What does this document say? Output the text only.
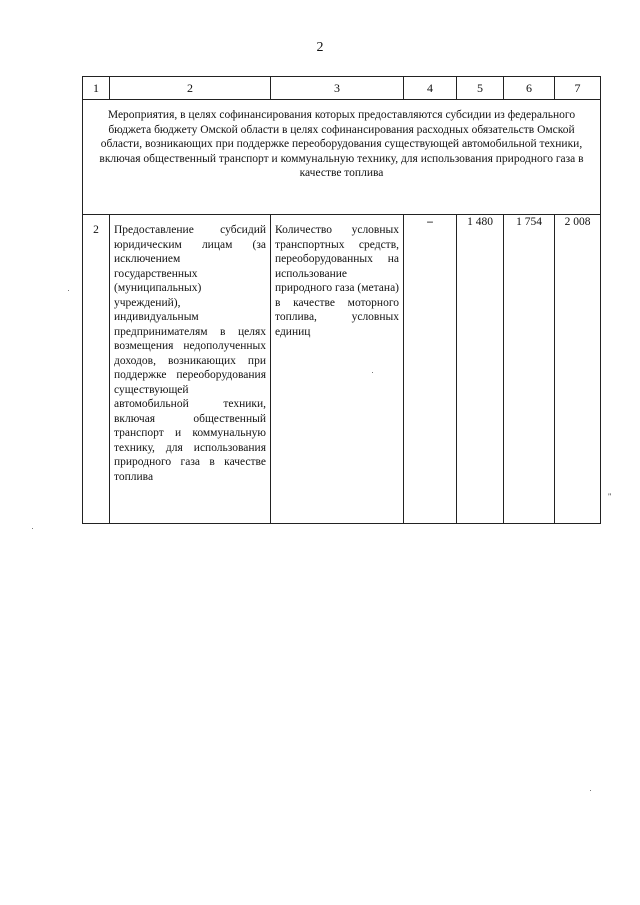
2
1	2	3	4	5	6	7
Мероприятия, в целях софинансирования которых предоставляются субсидии из федерального бюджета бюджету Омской области в целях софинансирования расходных обязательств Омской области, возникающих при поддержке переоборудования существующей автомобильной техники, включая общественный транспорт и коммунальную технику, для использования природного газа в качестве топлива						
2	Предоставление субсидий юридическим лицам (за исключением государственных (муниципальных) учреждений), индивидуальным предпринимателям в целях возмещения недополученных доходов, возникающих при поддержке переоборудования существующей автомобильной техники, включая общественный транспорт и коммунальную технику, для использования природного газа в качестве топлива	Количество условных транспортных средств, переоборудованных на использование природного газа (метана) в качестве моторного топлива, условных единиц	–	1 480	1 754	2 008
"
